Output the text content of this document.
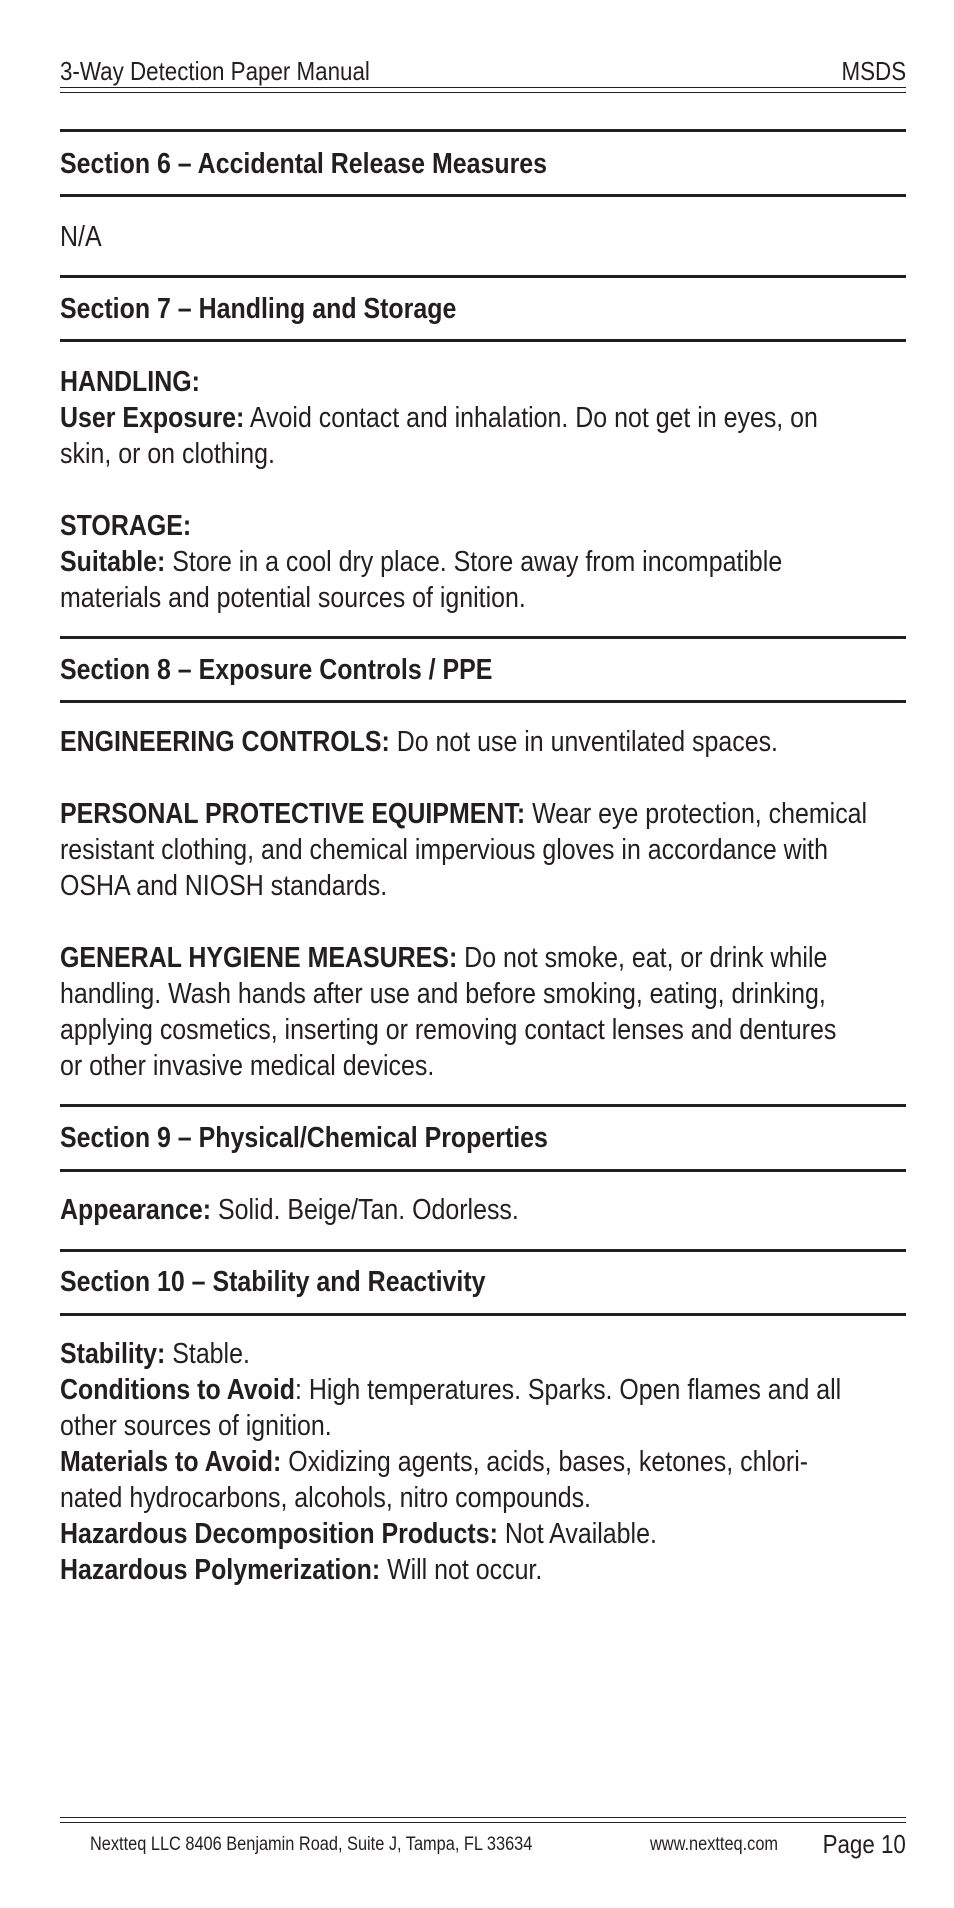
3-Way Detection Paper Manual	MSDS
Section 6 – Accidental Release Measures
N/A
Section 7 – Handling and Storage
HANDLING:
User Exposure: Avoid contact and inhalation. Do not get in eyes, on
skin, or on clothing.
STORAGE:
Suitable: Store in a cool dry place. Store away from incompatible
materials and potential sources of ignition.
Section 8 – Exposure Controls / PPE
ENGINEERING CONTROLS: Do not use in unventilated spaces.
PERSONAL PROTECTIVE EQUIPMENT: Wear eye protection, chemical
resistant clothing, and chemical impervious gloves in accordance with
OSHA and NIOSH standards.
GENERAL HYGIENE MEASURES: Do not smoke, eat, or drink while
handling. Wash hands after use and before smoking, eating, drinking,
applying cosmetics, inserting or removing contact lenses and dentures
or other invasive medical devices.
Section 9 – Physical/Chemical Properties
Appearance: Solid. Beige/Tan. Odorless.
Section 10 – Stability and Reactivity
Stability: Stable.
Conditions to Avoid: High temperatures. Sparks. Open flames and all
other sources of ignition.
Materials to Avoid: Oxidizing agents, acids, bases, ketones, chlori-
nated hydrocarbons, alcohols, nitro compounds.
Hazardous Decomposition Products: Not Available.
Hazardous Polymerization: Will not occur.
Nextteq LLC 8406 Benjamin Road, Suite J, Tampa, FL 33634	www.nextteq.com	Page 10
